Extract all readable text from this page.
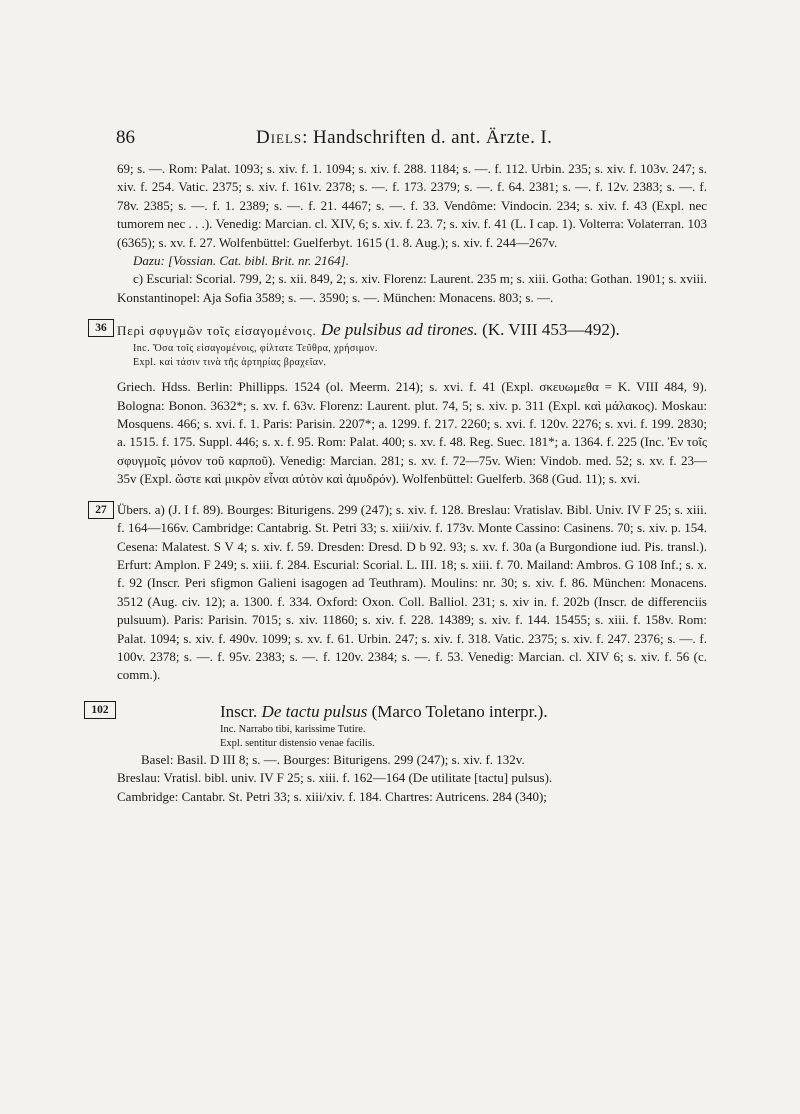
86	Diels: Handschriften d. ant. Ärzte. I.

69; s. —. Rom: Palat. 1093; s. xiv. f. 1. 1094; s. xiv. f. 288. 1184; s. —. f. 112. Urbin. 235; s. xiv. f. 103v. 247; s. xiv. f. 254. Vatic. 2375; s. xiv. f. 161v. 2378; s. —. f. 173. 2379; s. —. f. 64. 2381; s. —. f. 12v. 2383; s. —. f. 78v. 2385; s. —. f. 1. 2389; s. —. f. 21. 4467; s. —. f. 33. Vendôme: Vindocin. 234; s. xiv. f. 43 (Expl. nec tumorem nec . . .). Venedig: Marcian. cl. XIV, 6; s. xiv. f. 23. 7; s. xiv. f. 41 (L. I cap. 1). Volterra: Volaterran. 103 (6365); s. xv. f. 27. Wolfenbüttel: Guelferbyt. 1615 (1. 8. Aug.); s. xiv. f. 244—267v.

Dazu: [Vossian. Cat. bibl. Brit. nr. 2164].

c) Escurial: Scorial. 799, 2; s. xii. 849, 2; s. xiv. Florenz: Laurent. 235 m; s. xiii. Gotha: Gothan. 1901; s. xviii. Konstantinopel: Aja Sofia 3589; s. —. 3590; s. —. München: Monacens. 803; s. —.

36 Περὶ σφυγμῶν τοῖς εἰσαγομένοις. De pulsibus ad tirones. (K. VIII 453—492).
Inc. Ὅσα τοῖς εἰσαγομένοις, φίλτατε Τεῦθρα, χρήσιμον.
Expl. καὶ τάσιν τινὰ τῆς ἀρτηρίας βραχεῖαν.

Griech. Hdss. Berlin: Phillipps. 1524 (ol. Meerm. 214); s. xvi. f. 41 (Expl. σκευωμεθα = K. VIII 484, 9). Bologna: Bonon. 3632*; s. xv. f. 63v. Florenz: Laurent. plut. 74, 5; s. xiv. p. 311 (Expl. καὶ μάλακος). Moskau: Mosquens. 466; s. xvi. f. 1. Paris: Parisin. 2207*; a. 1299. f. 217. 2260; s. xvi. f. 120v. 2276; s. xvi. f. 199. 2830; a. 1515. f. 175. Suppl. 446; s. x. f. 95. Rom: Palat. 400; s. xv. f. 48. Reg. Suec. 181*; a. 1364. f. 225 (Inc. Ἐν τοῖς σφυγμοῖς μόνον τοῦ καρποῦ). Venedig: Marcian. 281; s. xv. f. 72—75v. Wien: Vindob. med. 52; s. xv. f. 23—35v (Expl. ὥστε καὶ μικρὸν εἶναι αὐτὸν καὶ ἀμυδρόν). Wolfenbüttel: Guelferb. 368 (Gud. 11); s. xvi.

27 Übers. a) (J. I f. 89). Bourges: Biturigens. 299 (247); s. xiv. f. 128. Breslau: Vratislav. Bibl. Univ. IV F 25; s. xiii. f. 164—166v. Cambridge: Cantabrig. St. Petri 33; s. xiii/xiv. f. 173v. Monte Cassino: Casinens. 70; s. xiv. p. 154. Cesena: Malatest. S V 4; s. xiv. f. 59. Dresden: Dresd. D b 92. 93; s. xv. f. 30a (a Burgondione iud. Pis. transl.). Erfurt: Amplon. F 249; s. xiii. f. 284. Escurial: Scorial. L. III. 18; s. xiii. f. 70. Mailand: Ambros. G 108 Inf.; s. x. f. 92 (Inscr. Peri sfigmon Galieni isagogen ad Teuthram). Moulins: nr. 30; s. xiv. f. 86. München: Monacens. 3512 (Aug. civ. 12); a. 1300. f. 334. Oxford: Oxon. Coll. Balliol. 231; s. xiv in. f. 202b (Inscr. de differenciis pulsuum). Paris: Parisin. 7015; s. xiv. 11860; s. xiv. f. 228. 14389; s. xiv. f. 144. 15455; s. xiii. f. 158v. Rom: Palat. 1094; s. xiv. f. 490v. 1099; s. xv. f. 61. Urbin. 247; s. xiv. f. 318. Vatic. 2375; s. xiv. f. 247. 2376; s. —. f. 100v. 2378; s. —. f. 95v. 2383; s. —. f. 120v. 2384; s. —. f. 53. Venedig: Marcian. cl. XIV 6; s. xiv. f. 56 (c. comm.).

102	Inscr. De tactu pulsus (Marco Toletano interpr.).
Inc. Narrabo tibi, karissime Tutire.
Expl. sentitur distensio venae facilis.

Basel: Basil. D III 8; s. —. Bourges: Biturigens. 299 (247); s. xiv. f. 132v.

Breslau: Vratisl. bibl. univ. IV F 25; s. xiii. f. 162—164 (De utilitate [tactu] pulsus).

Cambridge: Cantabr. St. Petri 33; s. xiii/xiv. f. 184. Chartres: Autricens. 284 (340);
